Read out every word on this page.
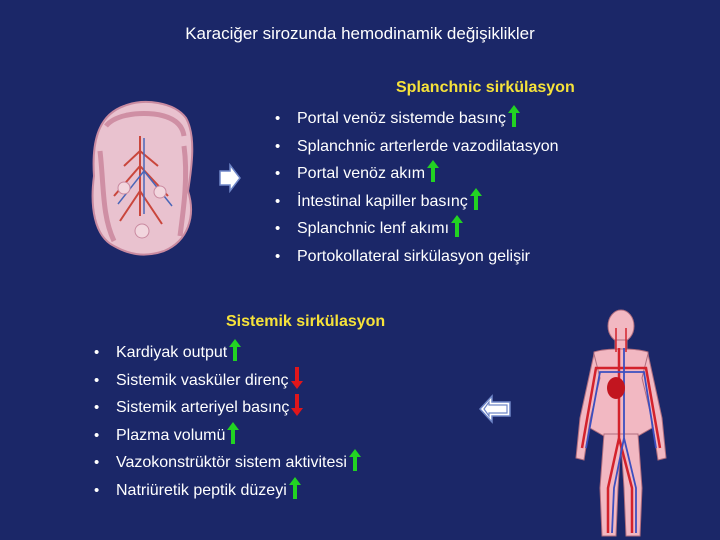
Karaciğer sirozunda hemodinamik değişiklikler
Splanchnic sirkülasyon
• Portal venöz sistemde basınç
• Splanchnic arterlerde vazodilatasyon
• Portal venöz akım
• İntestinal kapiller basınç
• Splanchnic lenf akımı
• Portokollateral sirkülasyon gelişir
Sistemik sirkülasyon
• Kardiyak output
• Sistemik vasküler direnç
• Sistemik arteriyel basınç
• Plazma volumü
• Vazokonstrüktör sistem aktivitesi
• Natriüretik peptik düzeyi
